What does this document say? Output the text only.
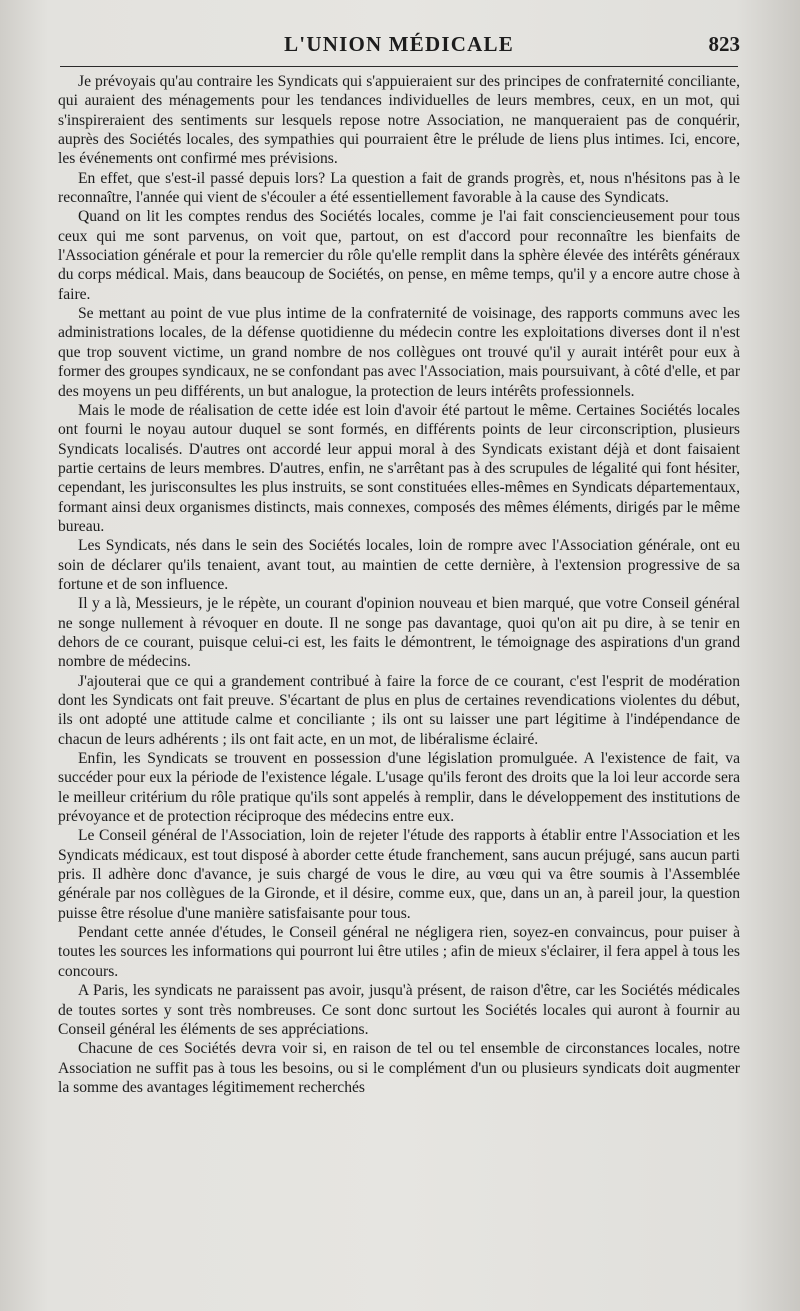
L'UNION MÉDICALE	823

Je prévoyais qu'au contraire les Syndicats qui s'appuieraient sur des principes de confraternité conciliante, qui auraient des ménagements pour les tendances individuelles de leurs membres, ceux, en un mot, qui s'inspireraient des sentiments sur lesquels repose notre Association, ne manqueraient pas de conquérir, auprès des Sociétés locales, des sympathies qui pourraient être le prélude de liens plus intimes. Ici, encore, les événements ont confirmé mes prévisions.

En effet, que s'est-il passé depuis lors? La question a fait de grands progrès, et, nous n'hésitons pas à le reconnaître, l'année qui vient de s'écouler a été essentiellement favorable à la cause des Syndicats.

Quand on lit les comptes rendus des Sociétés locales, comme je l'ai fait consciencieusement pour tous ceux qui me sont parvenus, on voit que, partout, on est d'accord pour reconnaître les bienfaits de l'Association générale et pour la remercier du rôle qu'elle remplit dans la sphère élevée des intérêts généraux du corps médical. Mais, dans beaucoup de Sociétés, on pense, en même temps, qu'il y a encore autre chose à faire.

Se mettant au point de vue plus intime de la confraternité de voisinage, des rapports communs avec les administrations locales, de la défense quotidienne du médecin contre les exploitations diverses dont il n'est que trop souvent victime, un grand nombre de nos collègues ont trouvé qu'il y aurait intérêt pour eux à former des groupes syndicaux, ne se confondant pas avec l'Association, mais poursuivant, à côté d'elle, et par des moyens un peu différents, un but analogue, la protection de leurs intérêts professionnels.

Mais le mode de réalisation de cette idée est loin d'avoir été partout le même. Certaines Sociétés locales ont fourni le noyau autour duquel se sont formés, en différents points de leur circonscription, plusieurs Syndicats localisés. D'autres ont accordé leur appui moral à des Syndicats existant déjà et dont faisaient partie certains de leurs membres. D'autres, enfin, ne s'arrêtant pas à des scrupules de légalité qui font hésiter, cependant, les jurisconsultes les plus instruits, se sont constituées elles-mêmes en Syndicats départementaux, formant ainsi deux organismes distincts, mais connexes, composés des mêmes éléments, dirigés par le même bureau.

Les Syndicats, nés dans le sein des Sociétés locales, loin de rompre avec l'Association générale, ont eu soin de déclarer qu'ils tenaient, avant tout, au maintien de cette dernière, à l'extension progressive de sa fortune et de son influence.

Il y a là, Messieurs, je le répète, un courant d'opinion nouveau et bien marqué, que votre Conseil général ne songe nullement à révoquer en doute. Il ne songe pas davantage, quoi qu'on ait pu dire, à se tenir en dehors de ce courant, puisque celui-ci est, les faits le démontrent, le témoignage des aspirations d'un grand nombre de médecins.

J'ajouterai que ce qui a grandement contribué à faire la force de ce courant, c'est l'esprit de modération dont les Syndicats ont fait preuve. S'écartant de plus en plus de certaines revendications violentes du début, ils ont adopté une attitude calme et conciliante ; ils ont su laisser une part légitime à l'indépendance de chacun de leurs adhérents ; ils ont fait acte, en un mot, de libéralisme éclairé.

Enfin, les Syndicats se trouvent en possession d'une législation promulguée. A l'existence de fait, va succéder pour eux la période de l'existence légale. L'usage qu'ils feront des droits que la loi leur accorde sera le meilleur critérium du rôle pratique qu'ils sont appelés à remplir, dans le développement des institutions de prévoyance et de protection réciproque des médecins entre eux.

Le Conseil général de l'Association, loin de rejeter l'étude des rapports à établir entre l'Association et les Syndicats médicaux, est tout disposé à aborder cette étude franchement, sans aucun préjugé, sans aucun parti pris. Il adhère donc d'avance, je suis chargé de vous le dire, au vœu qui va être soumis à l'Assemblée générale par nos collègues de la Gironde, et il désire, comme eux, que, dans un an, à pareil jour, la question puisse être résolue d'une manière satisfaisante pour tous.

Pendant cette année d'études, le Conseil général ne négligera rien, soyez-en convaincus, pour puiser à toutes les sources les informations qui pourront lui être utiles ; afin de mieux s'éclairer, il fera appel à tous les concours.

A Paris, les syndicats ne paraissent pas avoir, jusqu'à présent, de raison d'être, car les Sociétés médicales de toutes sortes y sont très nombreuses. Ce sont donc surtout les Sociétés locales qui auront à fournir au Conseil général les éléments de ses appréciations.

Chacune de ces Sociétés devra voir si, en raison de tel ou tel ensemble de circonstances locales, notre Association ne suffit pas à tous les besoins, ou si le complément d'un ou plusieurs syndicats doit augmenter la somme des avantages légitimement recherchés
